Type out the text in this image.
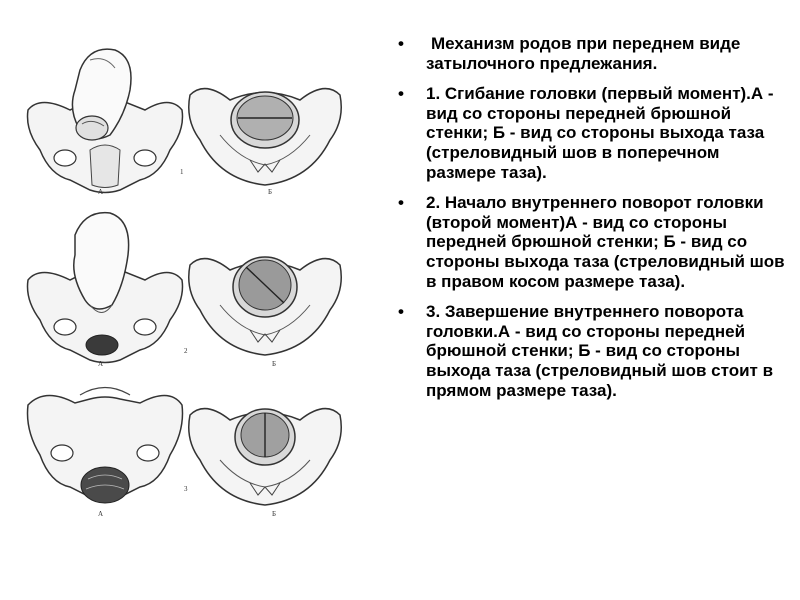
А
1
Б
А
2
Б
А
3
Б
• Механизм родов при переднем виде затылочного предлежания.
• 1. Сгибание головки (первый момент).А - вид со стороны передней брюшной стенки; Б - вид со стороны выхода таза (стреловидный шов в поперечном размере таза).
• 2. Начало внутреннего поворот головки (второй момент)А - вид со стороны передней брюшной стенки; Б - вид со стороны выхода таза (стреловидный шов в правом косом размере таза).
• 3. Завершение внутреннего поворота головки.А - вид со стороны передней брюшной стенки; Б - вид со стороны выхода таза (стреловидный шов стоит в прямом размере таза).
